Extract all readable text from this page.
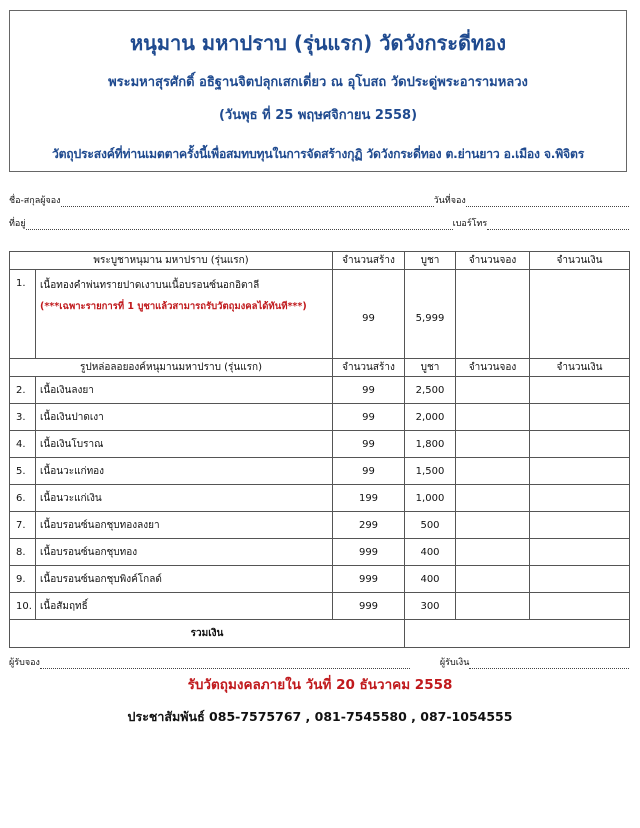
หนุมาน มหาปราบ (รุ่นแรก) วัดวังกระดี่ทอง
พระมหาสุรศักดิ์ อธิฐานจิตปลุกเสกเดี่ยว ณ อุโบสถ วัดประดู่พระอารามหลวง
(วันพุธ ที่ 25 พฤษศจิกายน 2558)
วัตถุประสงค์ที่ท่านเมตตาครั้งนี้เพื่อสมทบทุนในการจัดสร้างกุฏิ วัดวังกระดี่ทอง ต.ย่านยาว อ.เมือง จ.พิจิตร
ชื่อ-สกุลผู้จอง	วันที่จอง
ที่อยู่	เบอร์โทร
พระบูชาหนุมาน มหาปราบ (รุ่นแรก)		จำนวนสร้าง	บูชา	จำนวนจอง	จำนวนเงิน
1.	เนื้อทองคำพ่นทรายปาดเงาบนเนื้อบรอนซ์นอกอิตาลี
(***เฉพาะรายการที่ 1 บูชาแล้วสามารถรับวัตถุมงคลได้ทันที***)	99	5,999		
รูปหล่อลอยองค์หนุมานมหาปราบ (รุ่นแรก)		จำนวนสร้าง	บูชา	จำนวนจอง	จำนวนเงิน
2.	เนื้อเงินลงยา	99	2,500		
3.	เนื้อเงินปาดเงา	99	2,000		
4.	เนื้อเงินโบราณ	99	1,800		
5.	เนื้อนวะแก่ทอง	99	1,500		
6.	เนื้อนวะแก่เงิน	199	1,000		
7.	เนื้อบรอนซ์นอกชุบทองลงยา	299	500		
8.	เนื้อบรอนซ์นอกชุบทอง	999	400		
9.	เนื้อบรอนซ์นอกชุบพิงค์โกลด์	999	400		
10.	เนื้อสัมฤทธิ์	999	300		
รวมเงิน					
ผู้รับจอง	ผู้รับเงิน
รับวัตถุมงคลภายใน วันที่ 20 ธันวาคม 2558
ประชาสัมพันธ์ 085-7575767 , 081-7545580 , 087-1054555
